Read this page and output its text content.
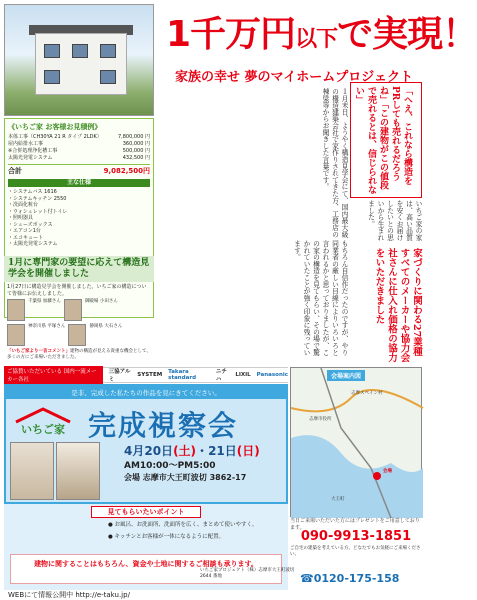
1千万円以下で実現！
家族の幸せ 夢のマイホームプロジェクト
《いちご家 お客様お見積例》
本体工事（CH30YA 21 R タイプ 2LDK）	7,800,000 円
屋内給排水工事	360,000 円
※合併処理浄化槽工事	500,000 円
太陽光発電システム	432,500 円
合計	9,082,500円
主な仕様
・システムバス 1616
・システムキッチン 2550
・洗面化粧台
・ウォシュレット付トイレ
・照明器具
・シューズボックス
・エアコン1台
・エコキュート
・太陽光発電システム
「へえ、これなら構造をPRしても売れるだろうね」「この建物がこの値段で売れるとは、信じられない」
１月末日、ようやく構造見学会にて、国内最大級の構造建築会社で家作りされてきた方、工務店の棟梁等からお聞きした言葉です。
もちろん自信作だったのですが、やり同業者の厳しい目線によりいろいろと言われるかと思っておりましたが、この家の構造を見てもらい、その場で驚かれていたことが強く印象に残っています。
いちご家の家は、高い品質を安くお届けしたいとの思いから生まれました。
家づくりに関わる27業種すべてのメーカーや協力会社さんに仕入れ価格の協力をいただきました
1月に専門家の要望に応えて構造見学会を開催しました
1月27日に構造見学会を開催しました。いちご家の構造について皆様にお伝えしました。
千葉県 加藤さん	御殿場 小田さん
神奈川県 平塚さん	静岡県 大石さん
「いちご家より一言コメント」建物の構造が見える貴重な機会として、多くの方にご来場いただきました。
ご協賛いただいている 国内一流メーカー各社
三協アルミ
SYSTEM Takara standard
ニチハ
LIXIL Panasonic
是非、完成した私たちの作品を見にきてください。
いちご家 完成視察会
4月20日(土)・21日(日)
AM10:00～PM5:00
会場 志摩市大王町波切 3862-17
見てもらいたいポイント
● お風呂、お洗面所、洗面所を広く、まとめて使いやすく。
● キッチンとお客様が一体になるように配置。
建物に関することはもちろん、資金や土地に関するご相談も承ります。
会場案内図
志摩スペイン村
志摩市役所
大王町
会場
当日ご来場いただいた方にはプレゼントをご用意しております。
090-9913-1851
ご自宅の建築を考えている方、どなたでもお気軽にご来場ください。
WEBにて情報公開中 http://e-taku.jp/
いちご家プロジェクト（株）志摩市大王町波切 2644 番地	☎0120-175-158
